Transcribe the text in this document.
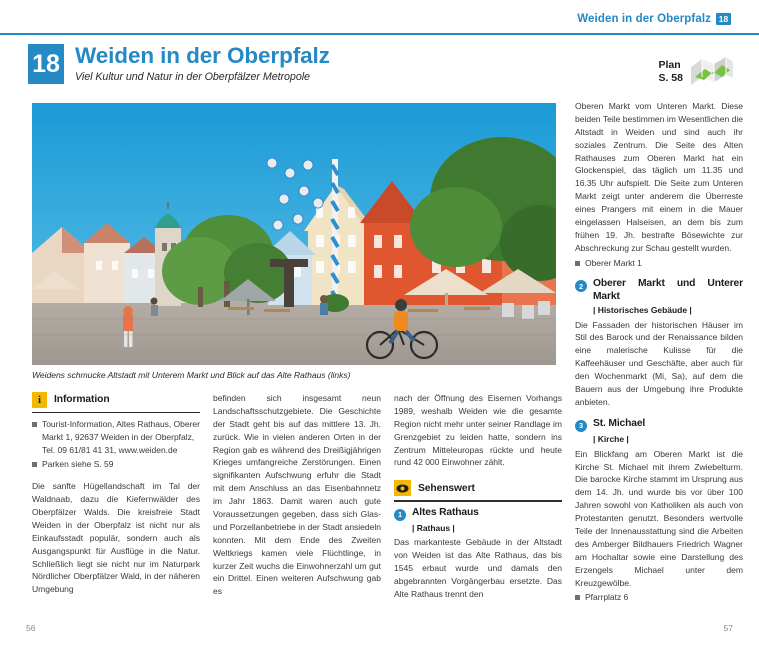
Weiden in der Oberpfalz 18
18 Weiden in der Oberpfalz
Viel Kultur und Natur in der Oberpfälzer Metropole
Plan
S. 58
Weidens schmucke Altstadt mit Unterem Markt und Blick auf das Alte Rathaus (links)
i	Information
Tourist-Information, Altes Rathaus, Oberer Markt 1, 92637 Weiden in der Oberpfalz, Tel. 09 61/81 41 31, www.weiden.de
Parken siehe S. 59

Die sanfte Hügellandschaft im Tal der Waldnaab, dazu die Kiefernwälder des Oberpfälzer Walds. Die kreisfreie Stadt Weiden in der Oberpfalz ist nicht nur als Einkaufsstadt populär, sondern auch als Ausgangspunkt für Ausflüge in die Natur. Schließlich liegt sie nicht nur im Naturpark Nördlicher Oberpfälzer Wald, in der näheren Umgebung

befinden sich insgesamt neun Landschaftsschutzgebiete. Die Geschichte der Stadt geht bis auf das mittlere 13. Jh. zurück. Wie in vielen anderen Orten in der Region gab es während des Dreißigjährigen Krieges umfangreiche Zerstörungen. Einen signifikanten Aufschwung erfuhr die Stadt mit dem Anschluss an das Eisenbahnnetz im Jahr 1863. Damit waren auch gute Voraussetzungen gegeben, dass sich Glas- und Porzellanbetriebe in der Stadt ansiedeln konnten. Mit dem Ende des Zweiten Weltkriegs kamen viele Flüchtlinge, in kurzer Zeit wuchs die Einwohnerzahl um gut ein Drittel. Einen weiteren Aufschwung gab es

nach der Öffnung des Eisernen Vorhangs 1989, weshalb Weiden wie die gesamte Region nicht mehr unter seiner Randlage im Grenzgebiet zu leiden hatte, sondern ins Zentrum Mitteleuropas rückte und heute rund 42 000 Einwohner zählt.

Sehenswert
1 Altes Rathaus
| Rathaus |

Das markanteste Gebäude in der Altstadt von Weiden ist das Alte Rathaus, das bis 1545 erbaut wurde und damals den abgebrannten Vorgängerbau ersetzte. Das Alte Rathaus trennt den

Oberen Markt vom Unteren Markt. Diese beiden Teile bestimmen im Wesentlichen die Altstadt in Weiden und sind auch ihr soziales Zentrum. Die Seite des Alten Rathauses zum Oberen Markt hat ein Glockenspiel, das täglich um 11.35 und 16.35 Uhr aufspielt. Die Seite zum Unteren Markt zeigt unter anderem die Überreste eines Prangers mit einem in die Mauer eingelassen Halseisen, an dem bis zum frühen 19. Jh. bestrafte Bösewichte zur Abschreckung zur Schau gestellt wurden.

Oberer Markt 1
2 Oberer Markt und Unterer Markt
| Historisches Gebäude |

Die Fassaden der historischen Häuser im Stil des Barock und der Renaissance bilden eine malerische Kulisse für die Kaffeehäuser und Geschäfte, aber auch für den Wochenmarkt (Mi, Sa), auf dem die Bauern aus der Umgebung ihre Produkte anbieten.

3 St. Michael
| Kirche |

Ein Blickfang am Oberen Markt ist die Kirche St. Michael mit ihrem Zwiebelturm. Die barocke Kirche stammt im Ursprung aus dem 14. Jh. und wurde bis vor über 100 Jahren sowohl von Katholiken als auch von Protestanten genutzt. Besonders wertvolle Teile der Innenausstattung sind die Arbeiten des Amberger Bildhauers Friedrich Wagner am Hochaltar sowie eine Darstellung des Erzengels Michael unter dem Kreuzgewölbe.

Pfarrplatz 6
56	57
